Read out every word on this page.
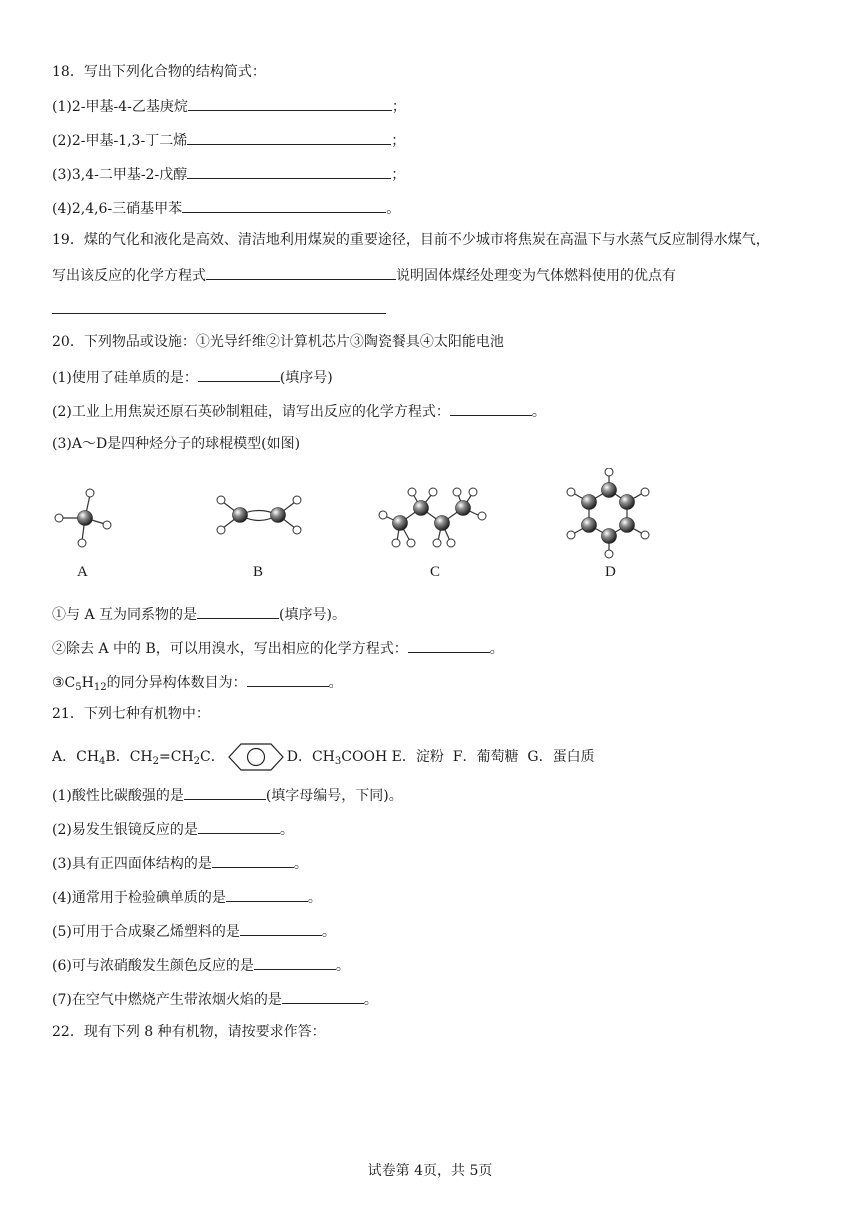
18．写出下列化合物的结构简式：
(1)2-甲基-4-乙基庚烷	；
(2)2-甲基-1,3-丁二烯	；
(3)3,4-二甲基-2-戊醇	；
(4)2,4,6-三硝基甲苯	。
19．煤的气化和液化是高效、清洁地利用煤炭的重要途径，目前不少城市将焦炭在高温下与水蒸气反应制得水煤气，
写出该反应的化学方程式	说明固体煤经处理变为气体燃料使用的优点有
20．下列物品或设施：①光导纤维②计算机芯片③陶瓷餐具④太阳能电池
(1)使用了硅单质的是：	(填序号)
(2)工业上用焦炭还原石英砂制粗硅，请写出反应的化学方程式：	。
(3)A～D是四种烃分子的球棍模型(如图)
A	B	C	D
①与 A 互为同系物的是	(填序号)。
②除去 A 中的 B，可以用溴水，写出相应的化学方程式：	。
$③C_5H_{12}$的同分异构体数目为：	。
21．下列七种有机物中：
A．$CH_4B$．$CH_2=CH_2C$．	D．$CH_3COOH$ E．淀粉 F．葡萄糖 G．蛋白质
(1)酸性比碳酸强的是	(填字母编号，下同)。
(2)易发生银镜反应的是	。
(3)具有正四面体结构的是	。
(4)通常用于检验碘单质的是	。
(5)可用于合成聚乙烯塑料的是	。
(6)可与浓硝酸发生颜色反应的是	。
(7)在空气中燃烧产生带浓烟火焰的是	。
22．现有下列 8 种有机物，请按要求作答：
试卷第 4页，共 5页
